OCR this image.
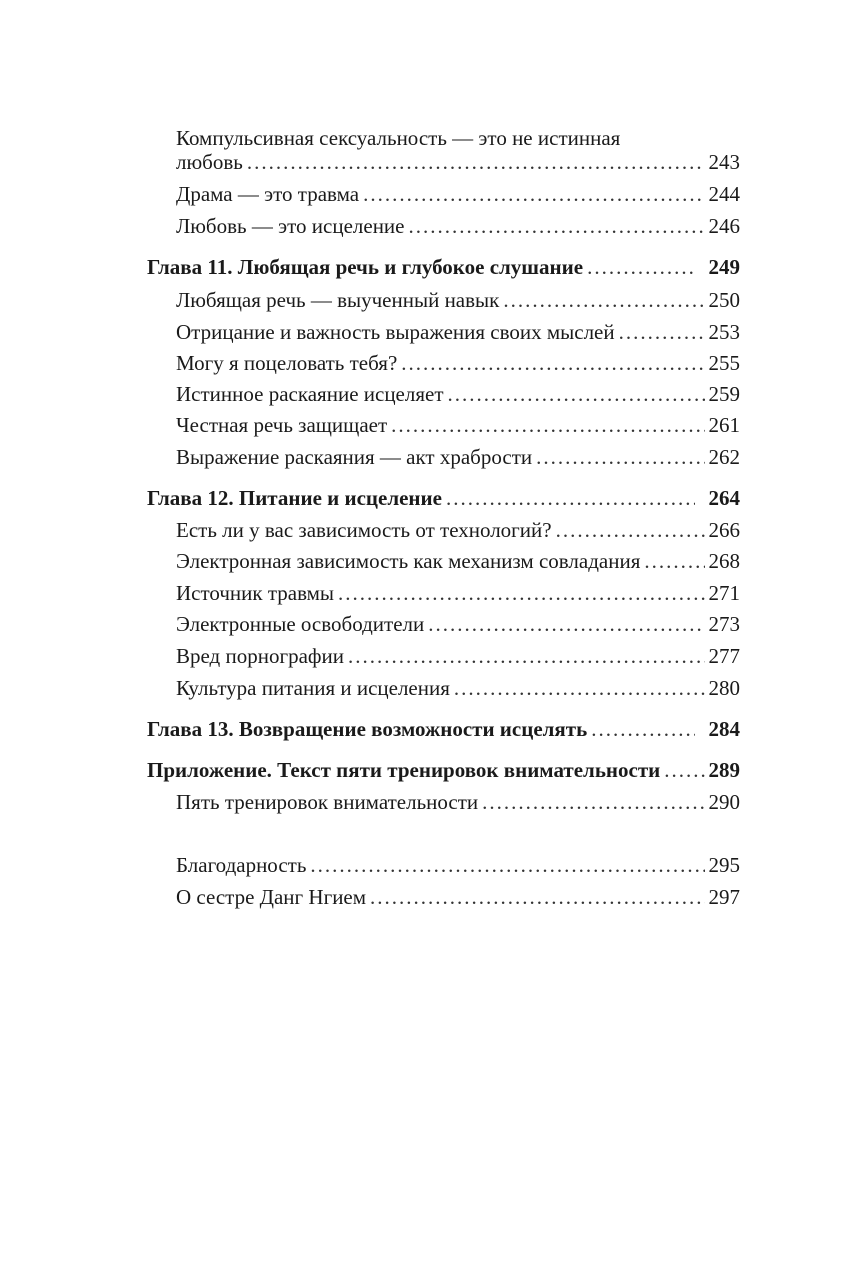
Компульсивная сексуальность — это не истинная
любовь .....	243
Драма — это травма .....	244
Любовь — это исцеление .....	246
Глава 11. Любящая речь и глубокое слушание .....	249
Любящая речь — выученный навык .....	250
Отрицание и важность выражения своих мыслей .....	253
Могу я поцеловать тебя? .....	255
Истинное раскаяние исцеляет .....	259
Честная речь защищает .....	261
Выражение раскаяния — акт храбрости .....	262
Глава 12. Питание и исцеление .....	264
Есть ли у вас зависимость от технологий? .....	266
Электронная зависимость как механизм совладания .....	268
Источник травмы .....	271
Электронные освободители .....	273
Вред порнографии .....	277
Культура питания и исцеления .....	280
Глава 13. Возвращение возможности исцелять .....	284
Приложение. Текст пяти тренировок внимательности ..... 289
Пять тренировок внимательности .....	290
Благодарность .....	295
О сестре Данг Нгием .....	297
